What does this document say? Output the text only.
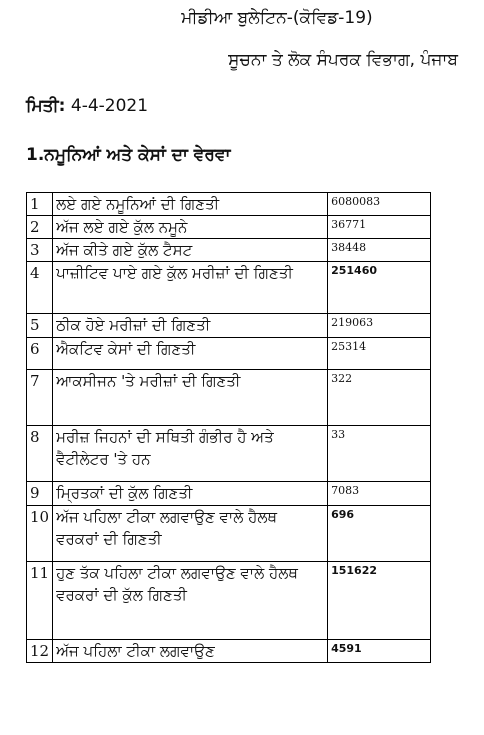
ਮੀਡੀਆ ਬੁਲੇਟਿਨ-(ਕੋਵਿਡ-19)
ਸੂਚਨਾ ਤੇ ਲੋਕ ਸੰਪਰਕ ਵਿਭਾਗ, ਪੰਜਾਬ
ਮਿਤੀ: 4-4-2021
1.ਨਮੂਨਿਆਂ ਅਤੇ ਕੇਸਾਂ ਦਾ ਵੇਰਵਾ
1	ਲਏ ਗਏ ਨਮੂਨਿਆਂ ਦੀ ਗਿਣਤੀ	6080083
2	ਅੱਜ ਲਏ ਗਏ ਕੁੱਲ ਨਮੂਨੇ	36771
3	ਅੱਜ ਕੀਤੇ ਗਏ ਕੁੱਲ ਟੈਸਟ	38448
4	ਪਾਜ਼ੀਟਿਵ ਪਾਏ ਗਏ ਕੁੱਲ ਮਰੀਜ਼ਾਂ ਦੀ ਗਿਣਤੀ	251460
5	ਠੀਕ ਹੋਏ ਮਰੀਜ਼ਾਂ ਦੀ ਗਿਣਤੀ	219063
6	ਐਕਟਿਵ ਕੇਸਾਂ ਦੀ ਗਿਣਤੀ	25314
7	ਆਕਸੀਜਨ 'ਤੇ ਮਰੀਜ਼ਾਂ ਦੀ ਗਿਣਤੀ	322
8	ਮਰੀਜ਼ ਜਿਹਨਾਂ ਦੀ ਸਥਿਤੀ ਗੰਭੀਰ ਹੈ ਅਤੇ ਵੈਟੀਲੇਟਰ 'ਤੇ ਹਨ	33
9	ਮ੍ਰਿਤਕਾਂ ਦੀ ਕੁੱਲ ਗਿਣਤੀ	7083
10	ਅੱਜ ਪਹਿਲਾ ਟੀਕਾ ਲਗਵਾਉਣ ਵਾਲੇ ਹੈਲਥ ਵਰਕਰਾਂ ਦੀ ਗਿਣਤੀ	696
11	ਹੁਣ ਤੱਕ ਪਹਿਲਾ ਟੀਕਾ ਲਗਵਾਉਣ ਵਾਲੇ ਹੈਲਥ ਵਰਕਰਾਂ ਦੀ ਕੁੱਲ ਗਿਣਤੀ	151622
12	ਅੱਜ ਪਹਿਲਾ ਟੀਕਾ ਲਗਵਾਉਣ	4591
